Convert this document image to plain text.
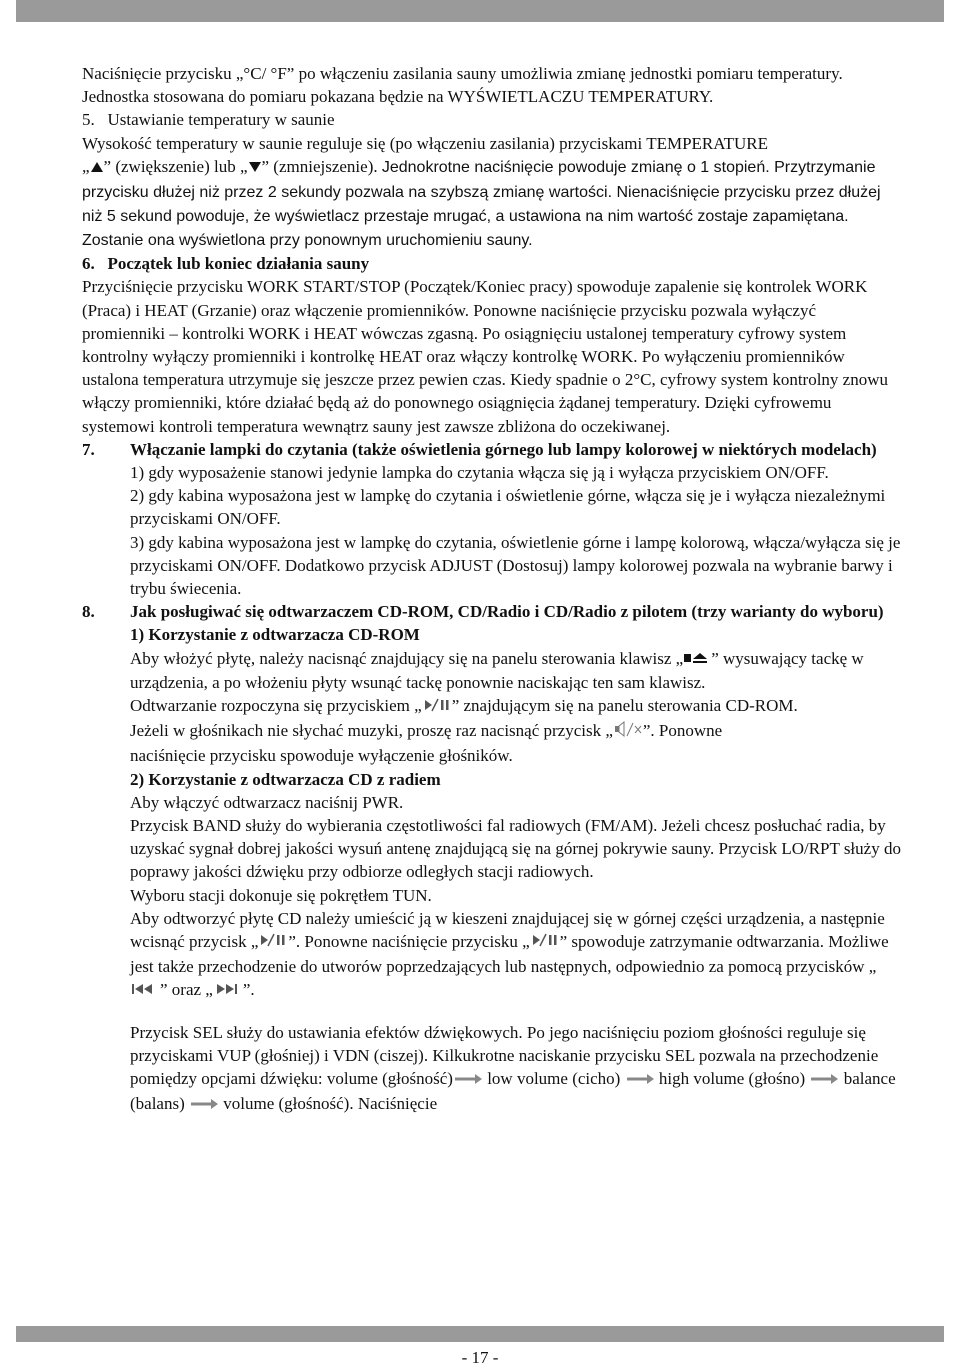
Naciśnięcie przycisku „°C/ °F” po włączeniu zasilania sauny umożliwia zmianę jednostki pomiaru temperatury. Jednostka stosowana do pomiaru pokazana będzie na WYŚWIETLACZU TEMPERATURY.

5. Ustawianie temperatury w saunie

Wysokość temperatury w saunie reguluje się (po włączeniu zasilania) przyciskami TEMPERATURE

„ ” (zwiększenie) lub „ ” (zmniejszenie). Jednokrotne naciśnięcie powoduje zmianę o 1 stopień. Przytrzymanie przycisku dłużej niż przez 2 sekundy pozwala na szybszą zmianę wartości. Nienaciśnięcie przycisku przez dłużej niż 5 sekund powoduje, że wyświetlacz przestaje mrugać, a ustawiona na nim wartość zostaje zapamiętana. Zostanie ona wyświetlona przy ponownym uruchomieniu sauny.

6. Początek lub koniec działania sauny

Przyciśnięcie przycisku WORK START/STOP (Początek/Koniec pracy) spowoduje zapalenie się kontrolek WORK (Praca) i HEAT (Grzanie) oraz włączenie promienników. Ponowne naciśnięcie przycisku pozwala wyłączyć promienniki – kontrolki WORK i HEAT wówczas zgasną. Po osiągnięciu ustalonej temperatury cyfrowy system kontrolny wyłączy promienniki i kontrolkę HEAT oraz włączy kontrolkę WORK. Po wyłączeniu promienników ustalona temperatura utrzymuje się jeszcze przez pewien czas. Kiedy spadnie o 2°C, cyfrowy system kontrolny znowu włączy promienniki, które działać będą aż do ponownego osiągnięcia żądanej temperatury. Dzięki cyfrowemu systemowi kontroli temperatura wewnątrz sauny jest zawsze zbliżona do oczekiwanej.

7.	Włączanie lampki do czytania (także oświetlenia górnego lub lampy kolorowej w niektórych modelach)

1) gdy wyposażenie stanowi jedynie lampka do czytania włącza się ją i wyłącza przyciskiem ON/OFF.

2) gdy kabina wyposażona jest w lampkę do czytania i oświetlenie górne, włącza się je i wyłącza niezależnymi przyciskami ON/OFF.

3) gdy kabina wyposażona jest w lampkę do czytania, oświetlenie górne i lampę kolorową, włącza/wyłącza się je przyciskami ON/OFF. Dodatkowo przycisk ADJUST (Dostosuj) lampy kolorowej pozwala na wybranie barwy i trybu świecenia.

8.	Jak posługiwać się odtwarzaczem CD-ROM, CD/Radio i CD/Radio z pilotem (trzy warianty do wyboru)

1) Korzystanie z odtwarzacza CD-ROM

Aby włożyć płytę, należy nacisnąć znajdujący się na panelu sterowania klawisz „ ” wysuwający tackę w urządzenia, a po włożeniu płyty wsunąć tackę ponownie naciskając ten sam klawisz.

Odtwarzanie rozpoczyna się przyciskiem „ ” znajdującym się na panelu sterowania CD-ROM.

Jeżeli w głośnikach nie słychać muzyki, proszę raz nacisnąć przycisk „ ”. Ponowne
naciśnięcie przycisku spowoduje wyłączenie głośników.

2) Korzystanie z odtwarzacza CD z radiem

Aby włączyć odtwarzacz naciśnij PWR.

Przycisk BAND służy do wybierania częstotliwości fal radiowych (FM/AM). Jeżeli chcesz posłuchać radia, by uzyskać sygnał dobrej jakości wysuń antenę znajdującą się na górnej pokrywie sauny. Przycisk LO/RPT służy do poprawy jakości dźwięku przy odbiorze odległych stacji radiowych.

Wyboru stacji dokonuje się pokrętłem TUN.

Aby odtworzyć płytę CD należy umieścić ją w kieszeni znajdującej się w górnej części urządzenia, a następnie wcisnąć przycisk „ ”. Ponowne naciśnięcie przycisku „ ” spowoduje zatrzymanie odtwarzania. Możliwe jest także przechodzenie do utworów poprzedzających lub następnych, odpowiednio za pomocą przycisków „” oraz „ ”.

Przycisk SEL służy do ustawiania efektów dźwiękowych. Po jego naciśnięciu poziom głośności reguluje się przyciskami VUP (głośniej) i VDN (ciszej). Kilkukrotne naciskanie przycisku SEL pozwala na przechodzenie pomiędzy opcjami dźwięku: volume (głośność) low volume (cicho) high volume (głośno) balance (balans) volume (głośność). Naciśnięcie

- 17 -
